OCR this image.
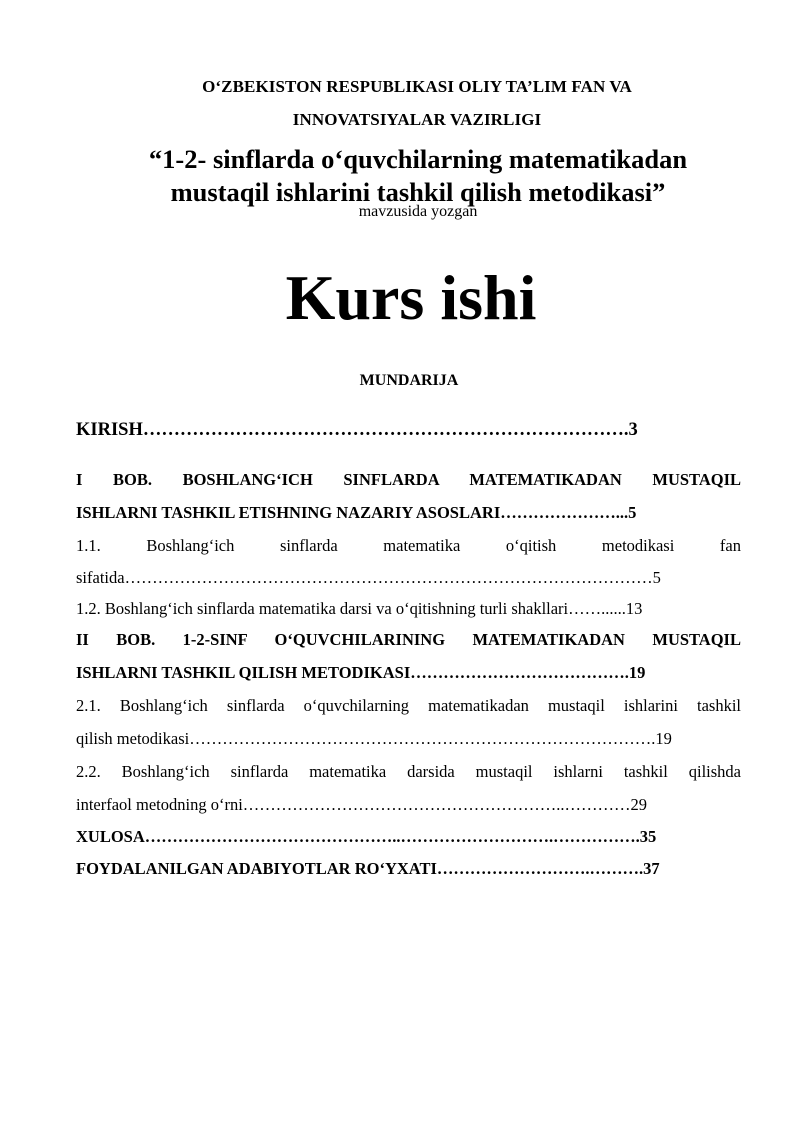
O‘ZBEKISTON RESPUBLIKASI OLIY TA’LIM FAN VA
INNOVATSIYALAR VAZIRLIGI
“1-2- sinflarda o‘quvchilarning matematikadan
mustaqil ishlarini tashkil qilish metodikasi”
mavzusida yozgan
Kurs ishi
MUNDARIJA
KIRISH…………………………………………………………………….3
I BOB. BOSHLANG‘ICH SINFLARDA MATEMATIKADAN MUSTAQIL
ISHLARNI TASHKIL ETISHNING NAZARIY ASOSLARI…………………...5
1.1. Boshlang‘ich sinflarda matematika o‘qitish metodikasi fan
sifatida……………………………………………………………………………………5
1.2. Boshlang‘ich sinflarda matematika darsi va o‘qitishning turli shakllari……......13
II BOB. 1-2-SINF O‘QUVCHILARINING MATEMATIKADAN MUSTAQIL
ISHLARNI TASHKIL QILISH METODIKASI………………………………….19
2.1. Boshlang‘ich sinflarda o‘quvchilarning matematikadan mustaqil ishlarini tashkil
qilish metodikasi………………………………………………………………………….19
2.2. Boshlang‘ich sinflarda matematika darsida mustaqil ishlarni tashkil qilishda
interfaol metodning o‘rni…………………………………………………..…………29
XULOSA………………………………………..……………………….…………….35
FOYDALANILGAN ADABIYOTLAR RO‘YXATI……………………….……….37
